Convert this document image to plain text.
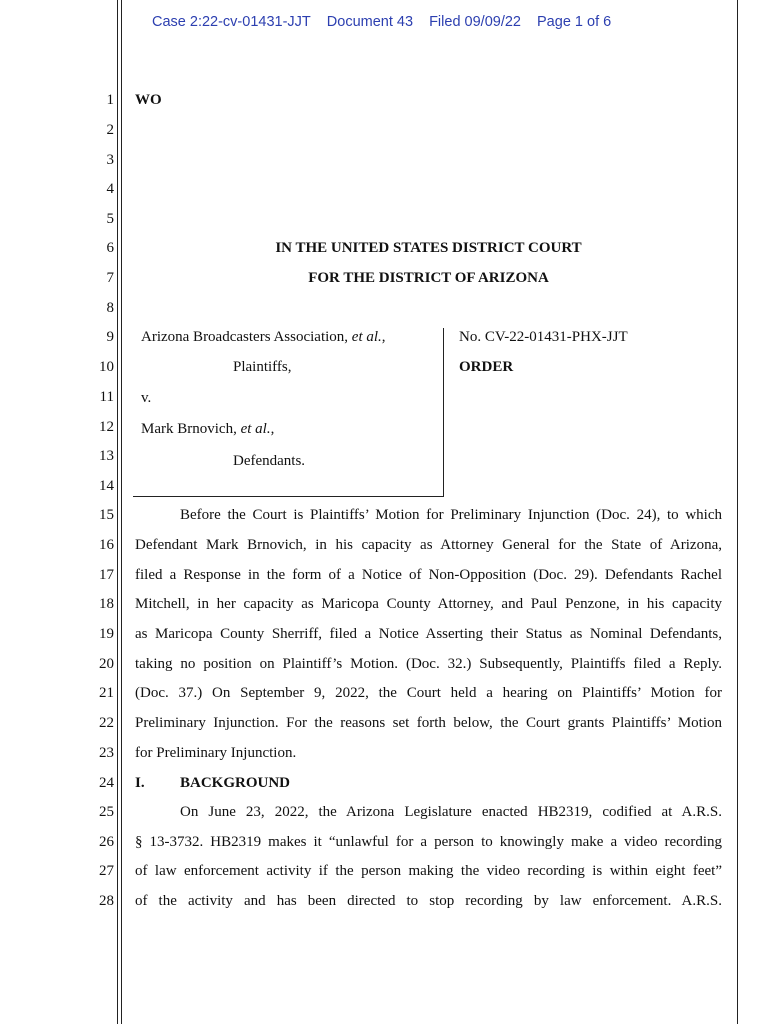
Case 2:22-cv-01431-JJT Document 43 Filed 09/09/22 Page 1 of 6
1
2
3
4
5
6
7
8
9
10
11
12
13
14
15
16
17
18
19
20
21
22
23
24
25
26
27
28
WO
IN THE UNITED STATES DISTRICT COURT
FOR THE DISTRICT OF ARIZONA
Arizona Broadcasters Association, et al.,
Plaintiffs,
v.
Mark Brnovich, et al.,
Defendants.
No. CV-22-01431-PHX-JJT
ORDER
Before the Court is Plaintiffs’ Motion for Preliminary Injunction (Doc. 24), to which
Defendant Mark Brnovich, in his capacity as Attorney General for the State of Arizona,
filed a Response in the form of a Notice of Non-Opposition (Doc. 29). Defendants Rachel
Mitchell, in her capacity as Maricopa County Attorney, and Paul Penzone, in his capacity
as Maricopa County Sherriff, filed a Notice Asserting their Status as Nominal Defendants,
taking no position on Plaintiff’s Motion. (Doc. 32.) Subsequently, Plaintiffs filed a Reply.
(Doc. 37.) On September 9, 2022, the Court held a hearing on Plaintiffs’ Motion for
Preliminary Injunction. For the reasons set forth below, the Court grants Plaintiffs’ Motion
for Preliminary Injunction.
I. BACKGROUND
On June 23, 2022, the Arizona Legislature enacted HB2319, codified at A.R.S.
§ 13-3732. HB2319 makes it “unlawful for a person to knowingly make a video recording
of law enforcement activity if the person making the video recording is within eight feet”
of the activity and has been directed to stop recording by law enforcement. A.R.S.
